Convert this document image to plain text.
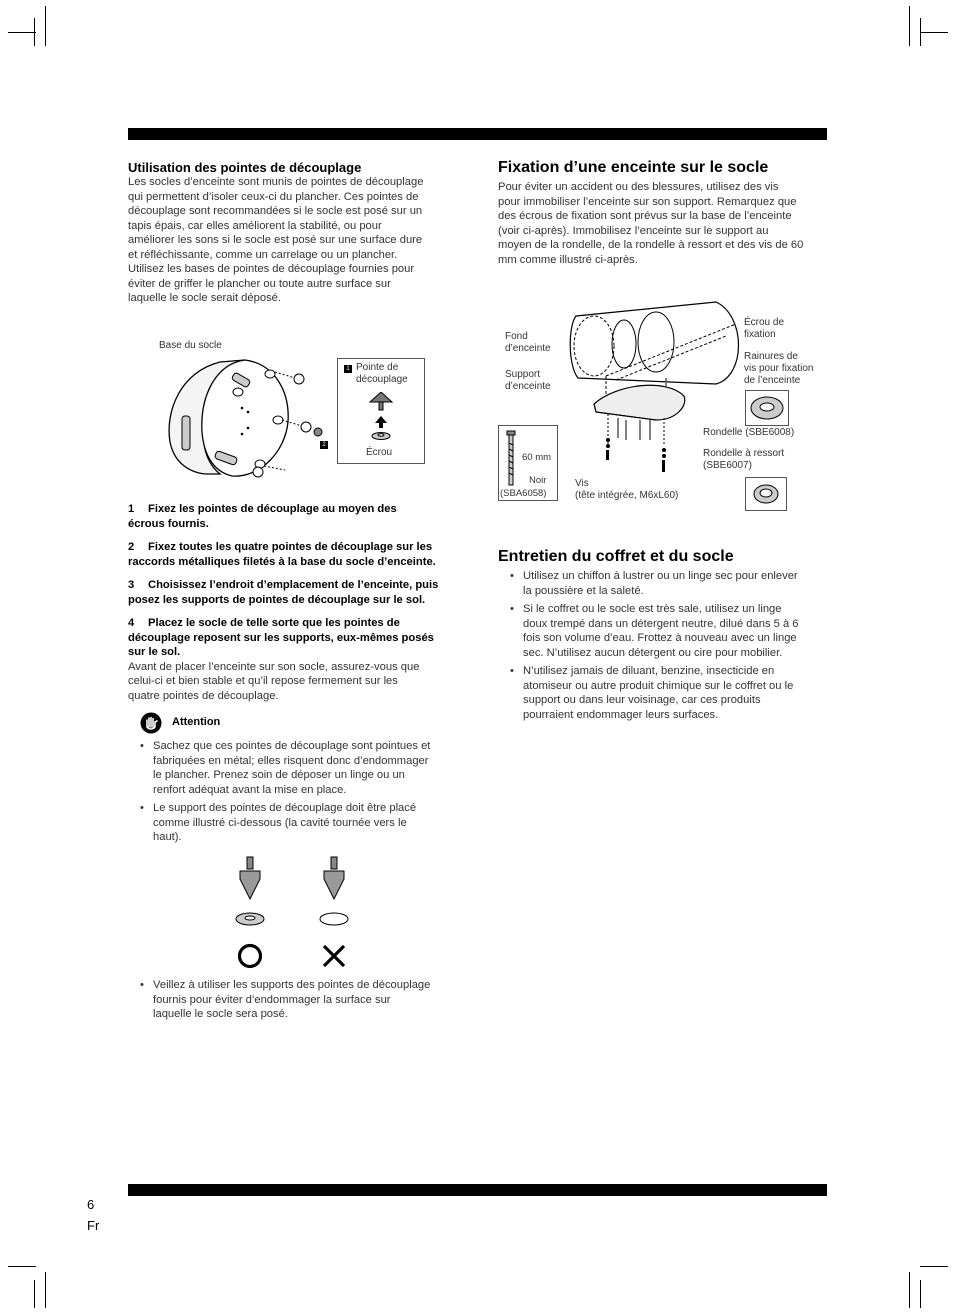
Utilisation des pointes de découplage

Les socles d’enceinte sont munis de pointes de découplage
qui permettent d’isoler ceux-ci du plancher. Ces pointes de
découplage sont recommandées si le socle est posé sur un
tapis épais, car elles améliorent la stabilité, ou pour
améliorer les sons si le socle est posé sur une surface dure
et réfléchissante, comme un carrelage ou un plancher.
Utilisez les bases de pointes de découplage fournies pour
éviter de griffer le plancher ou toute autre surface sur
laquelle le socle serait déposé.
Base du socle
1
2
Pointe de
découplage
Écrou
1 Fixez les pointes de découplage au moyen des
écrous fournis.
2 Fixez toutes les quatre pointes de découplage sur les
raccords métalliques filetés à la base du socle d’enceinte.
3 Choisissez l’endroit d’emplacement de l’enceinte, puis
posez les supports de pointes de découplage sur le sol.
4 Placez le socle de telle sorte que les pointes de
découplage reposent sur les supports, eux-mêmes posés
sur le sol.
Avant de placer l’enceinte sur son socle, assurez-vous que
celui-ci et bien stable et qu’il repose fermement sur les
quatre pointes de découplage.
Attention
• Sachez que ces pointes de découplage sont pointues et
fabriquées en métal; elles risquent donc d’endommager
le plancher. Prenez soin de déposer un linge ou un
renfort adéquat avant la mise en place.
• Le support des pointes de découplage doit être placé
comme illustré ci-dessous (la cavité tournée vers le
haut).
• Veillez à utiliser les supports des pointes de découplage
fournis pour éviter d’endommager la surface sur
laquelle le socle sera posé.

Fixation d’une enceinte sur le socle

Pour éviter un accident ou des blessures, utilisez des vis
pour immobiliser l’enceinte sur son support. Remarquez que
des écrous de fixation sont prévus sur la base de l’enceinte
(voir ci-après). Immobilisez l’enceinte sur le support au
moyen de la rondelle, de la rondelle à ressort et des vis de 60
mm comme illustré ci-après.
60 mm
Noir
(SBA6058)
Fond
d’enceinte
Support
d’enceinte
Écrou de
fixation
Rainures de
vis pour fixation
de l’enceinte
Rondelle (SBE6008)
Rondelle à ressort
(SBE6007)
Vis
(tête intégrée, M6xL60)

Entretien du coffret et du socle

• Utilisez un chiffon à lustrer ou un linge sec pour enlever
la poussière et la saleté.
• Si le coffret ou le socle est très sale, utilisez un linge
doux trempé dans un détergent neutre, dilué dans 5 à 6
fois son volume d’eau. Frottez à nouveau avec un linge
sec. N’utilisez aucun détergent ou cire pour mobilier.
• N’utilisez jamais de diluant, benzine, insecticide en
atomiseur ou autre produit chimique sur le coffret ou le
support ou dans leur voisinage, car ces produits
pourraient endommager leurs surfaces.
6
Fr
